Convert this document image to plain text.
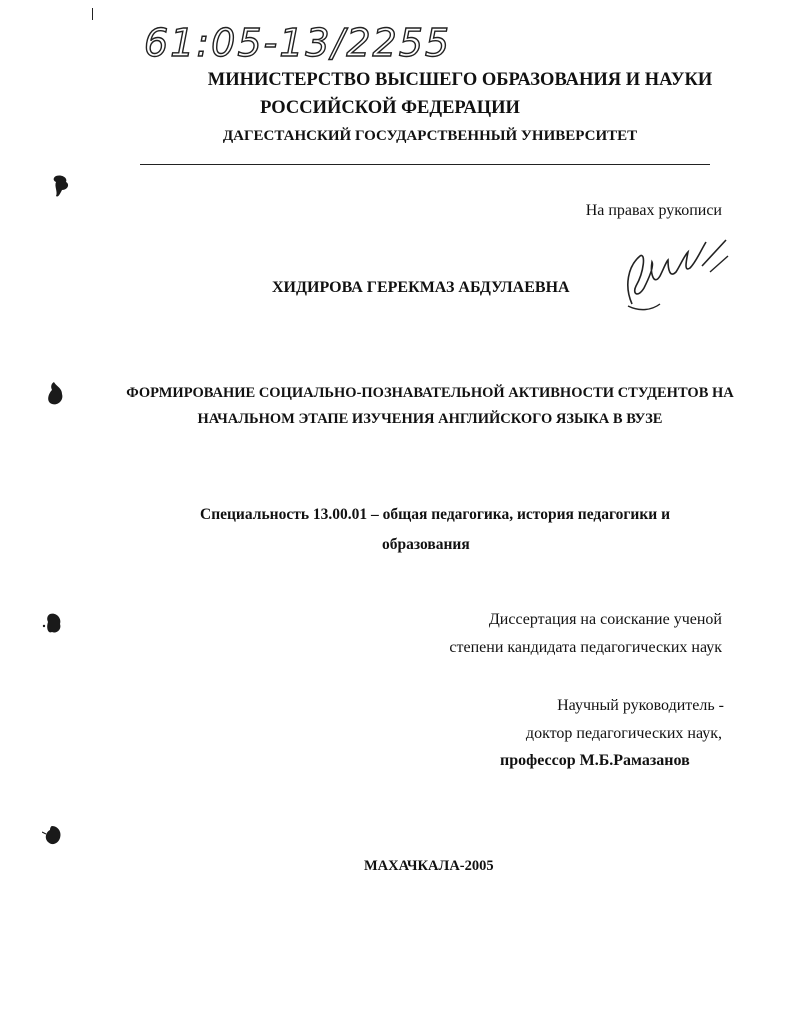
61:05-13/2255
МИНИСТЕРСТВО ВЫСШЕГО ОБРАЗОВАНИЯ И НАУКИ
РОССИЙСКОЙ ФЕДЕРАЦИИ
ДАГЕСТАНСКИЙ ГОСУДАРСТВЕННЫЙ УНИВЕРСИТЕТ
На правах рукописи
ХИДИРОВА ГЕРЕКМАЗ АБДУЛАЕВНА
ФОРМИРОВАНИЕ СОЦИАЛЬНО-ПОЗНАВАТЕЛЬНОЙ АКТИВНОСТИ СТУДЕНТОВ НА НАЧАЛЬНОМ ЭТАПЕ ИЗУЧЕНИЯ АНГЛИЙСКОГО ЯЗЫКА В ВУЗЕ
Специальность 13.00.01 – общая педагогика, история педагогики и
образования
Диссертация на соискание ученой
степени кандидата педагогических наук
Научный руководитель -
доктор педагогических наук,
профессор М.Б.Рамазанов
МАХАЧКАЛА-2005
